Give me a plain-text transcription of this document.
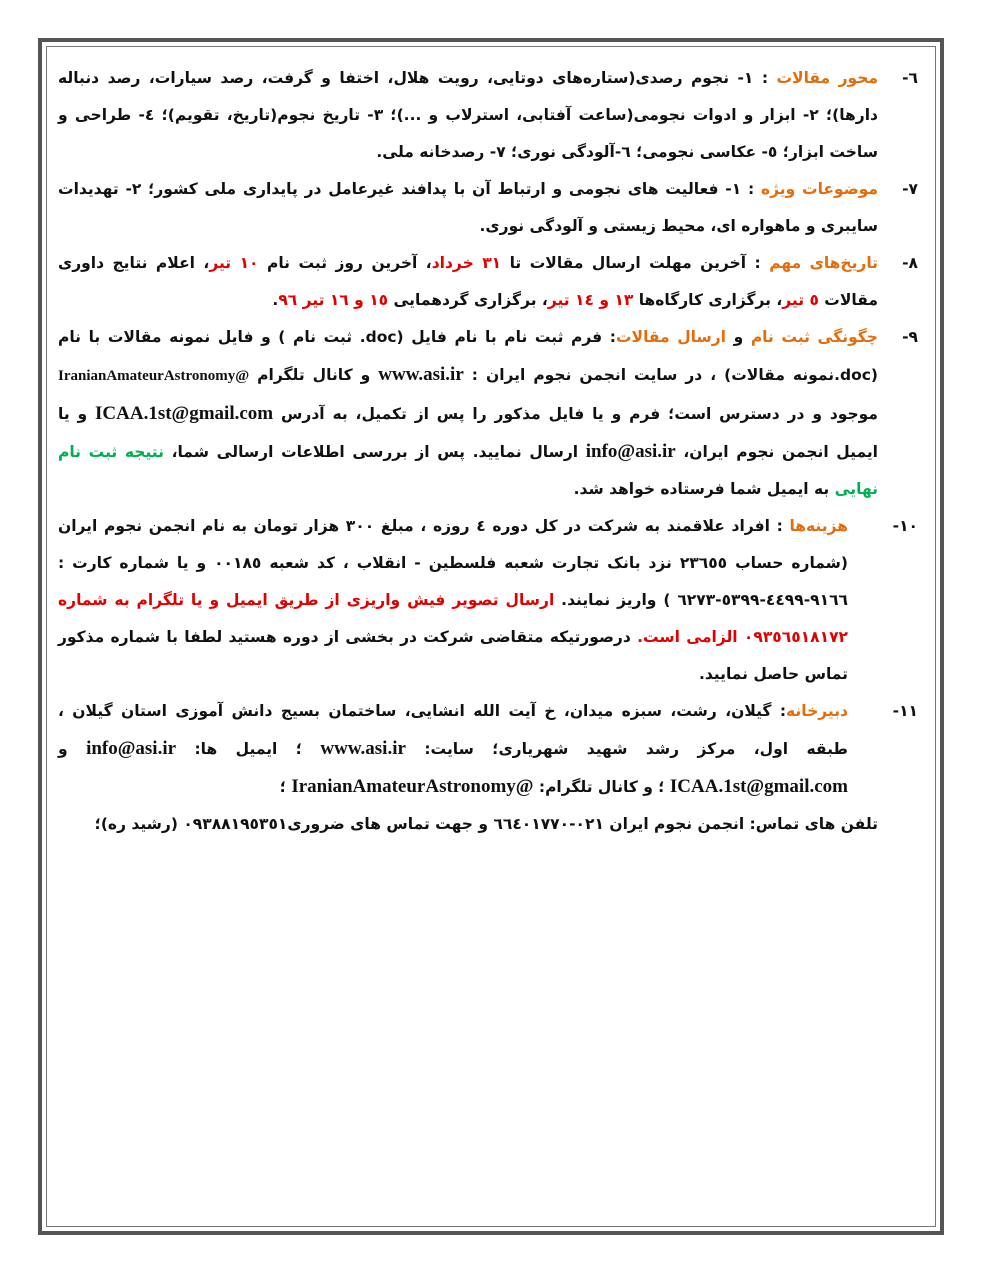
٦-
محور مقالات : ۱- نجوم رصدی(ستاره‌های دوتایی، رویت هلال، اختفا و گرفت، رصد سیارات، رصد دنباله دارها)؛ ۲- ابزار و ادوات نجومی(ساعت آفتابی، استرلاب و ...)؛ ۳- تاریخ نجوم(تاریخ، تقویم)؛ ٤- طراحی و ساخت ابزار؛ ٥- عکاسی نجومی؛ ٦-آلودگی نوری؛ ۷- رصدخانه ملی.

۷-
موضوعات ویژه : ۱- فعالیت های نجومی و ارتباط آن با پدافند غیرعامل در پایداری ملی کشور؛ ۲- تهدیدات سایبری و ماهواره ای، محیط زیستی و آلودگی نوری.

۸-
تاریخ‌های مهم : آخرین مهلت ارسال مقالات تا ۳۱ خرداد، آخرین روز ثبت نام ۱۰ تیر، اعلام نتایج داوری مقالات ٥ تیر، برگزاری کارگاه‌ها ۱۳ و ١٤ تیر، برگزاری گردهمایی ۱٥ و ۱٦ تیر ۹٦.

۹-
چگونگی ثبت نام و ارسال مقالات: فرم ثبت نام با نام فایل (doc. ثبت نام ) و فایل نمونه مقالات با نام (doc.نمونه مقالات) ، در سایت انجمن نجوم ایران : www.asi.ir و کانال تلگرام IranianAmateurAstronomy@ موجود و در دسترس است؛ فرم و یا فایل مذکور را پس از تکمیل، به آدرس ICAA.1st@gmail.com و یا ایمیل انجمن نجوم ایران، info@asi.ir ارسال نمایید. پس از بررسی اطلاعات ارسالی شما، نتیجه ثبت نام نهایی به ایمیل شما فرستاده خواهد شد.

۱۰-
هزینه‌ها : افراد علاقمند به شرکت در کل دوره ٤ روزه ، مبلغ ۳۰۰ هزار تومان به نام انجمن نجوم ایران (شماره حساب ۲۳٦٥٥ نزد بانک تجارت شعبه فلسطین - انقلاب ، کد شعبه ۰۰۱۸٥ و یا شماره کارت : ۹۱٦٦-٤٤۹۹-٥۳۹۹-٦۲۷۳ ) واریز نمایند. ارسال تصویر فیش واریزی از طریق ایمیل و یا تلگرام به شماره ۰۹۳٥٦٥۱۸۱۷۲ الزامی است. درصورتیکه متقاضی شرکت در بخشی از دوره هستید لطفا با شماره مذکور تماس حاصل نمایید.

۱۱-
دبیرخانه: گیلان، رشت، سبزه میدان، خ آیت الله انشایی، ساختمان بسیج دانش آموزی استان گیلان ، طبقه اول، مرکز رشد شهید شهریاری؛ سایت: www.asi.ir ؛ ایمیل ها: info@asi.ir و ICAA.1st@gmail.com ؛ و کانال تلگرام: IranianAmateurAstronomy@ ؛

تلفن های تماس: انجمن نجوم ایران ۰۲۱-٦٦٤۰۱۷۷۰ و جهت تماس های ضروری۰۹۳۸۸۱۹٥۳٥۱ (رشید ره)؛
